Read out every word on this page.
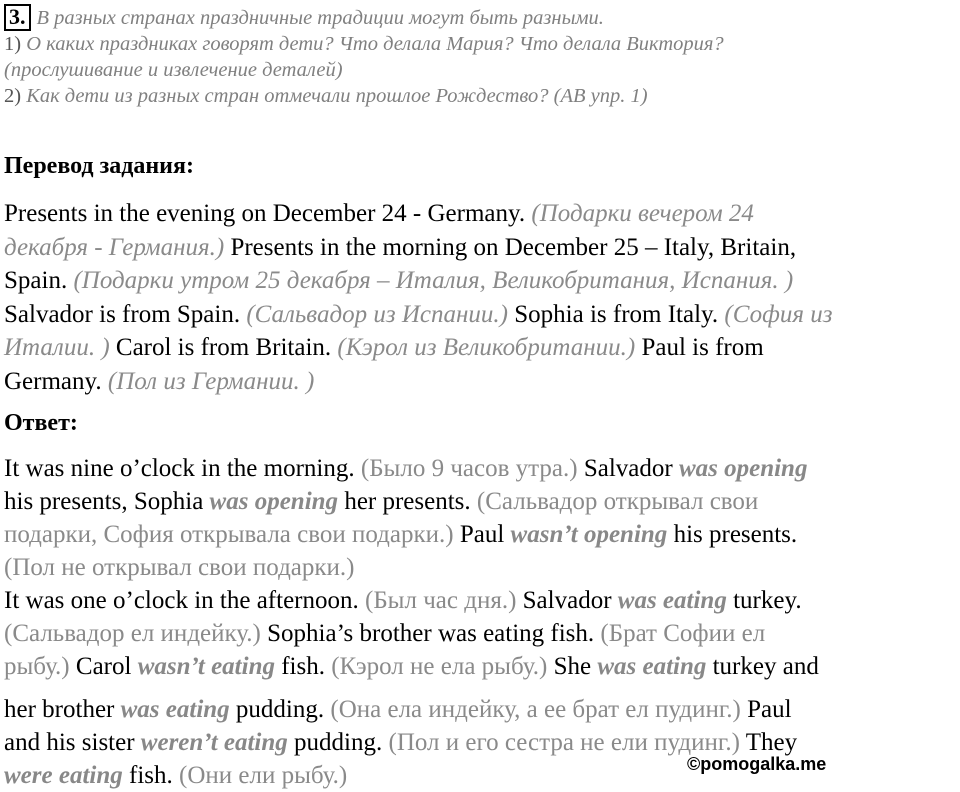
3. В разных странах праздничные традиции могут быть разными.
1) О каких праздниках говорят дети? Что делала Мария? Что делала Виктория?
(прослушивание и извлечение деталей)
2) Как дети из разных стран отмечали прошлое Рождество? (AB упр. 1)
Перевод задания:
Presents in the evening on December 24 - Germany. (Подарки вечером 24
декабря - Германия.) Presents in the morning on December 25 – Italy, Britain,
Spain. (Подарки утром 25 декабря – Италия, Великобритания, Испания. )
Salvador is from Spain. (Сальвадор из Испании.) Sophia is from Italy. (София из
Италии. ) Carol is from Britain. (Кэрол из Великобритании.) Paul is from
Germany. (Пол из Германии. )
Ответ:
It was nine o’clock in the morning. (Было 9 часов утра.) Salvador was opening
his presents, Sophia was opening her presents. (Сальвадор открывал свои
подарки, София открывала свои подарки.) Paul wasn’t opening his presents.
(Пол не открывал свои подарки.)
It was one o’clock in the afternoon. (Был час дня.) Salvador was eating turkey.
(Сальвадор ел индейку.) Sophia’s brother was eating fish. (Брат Софии ел
рыбу.) Carol wasn’t eating fish. (Кэрол не ела рыбу.) She was eating turkey and
her brother was eating pudding. (Она ела индейку, а ее брат ел пудинг.) Paul
and his sister weren’t eating pudding. (Пол и его сестра не ели пудинг.) They
were eating fish. (Они ели рыбу.)	©pomogalka.me
